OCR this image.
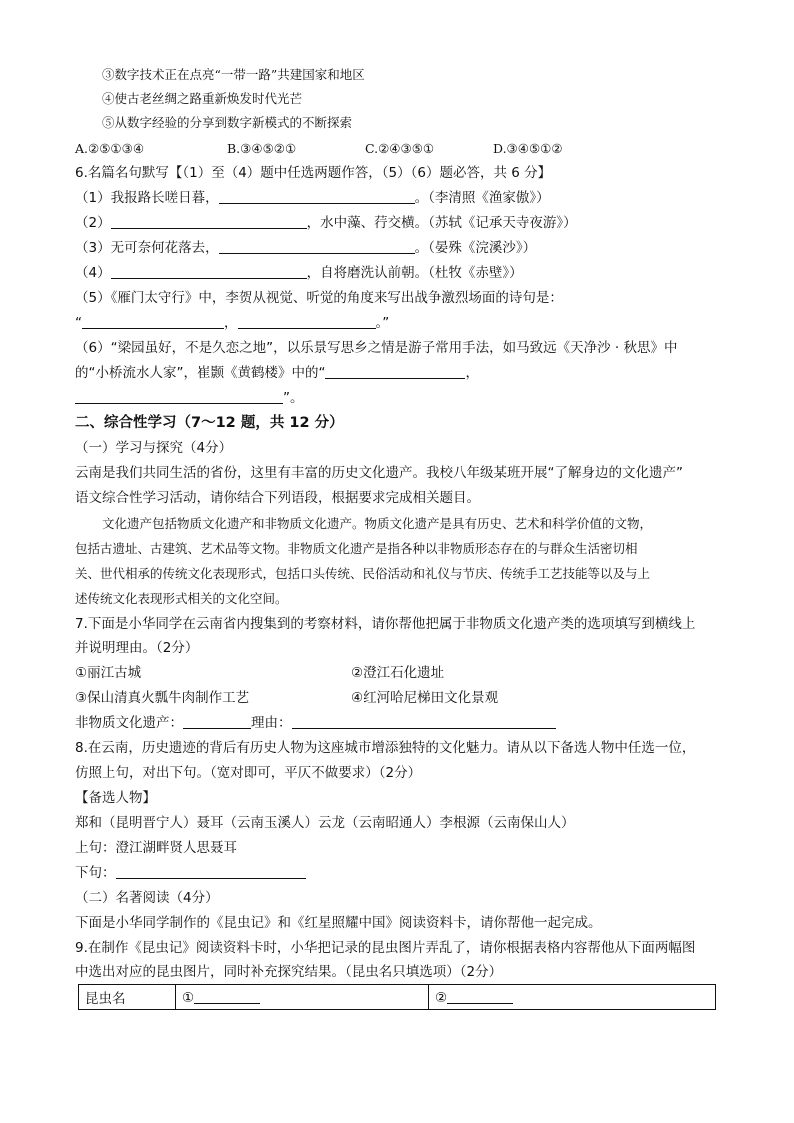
③数字技术正在点亮“一带一路”共建国家和地区
④使古老丝绸之路重新焕发时代光芒
⑤从数字经验的分享到数字新模式的不断探索
A.②⑤①③④	B.③④⑤②①	C.②④③⑤①	D.③④⑤①②
6.名篇名句默写【（1）至（4）题中任选两题作答，（5）（6）题必答，共 6 分】
（1）我报路长嗟日暮，	。（李清照《渔家傲》）
（2）	，水中藻、荇交横。（苏轼《记承天寺夜游》）
（3）无可奈何花落去，	。（晏殊《浣溪沙》）
（4）	，自将磨洗认前朝。（杜牧《赤壁》）
（5）《雁门太守行》中，李贺从视觉、听觉的角度来写出战争激烈场面的诗句是：
“	，	。”
（6）“梁园虽好，不是久恋之地”，以乐景写思乡之情是游子常用手法，如马致远《天净沙 · 秋思》中
的“小桥流水人家”，崔颢《黄鹤楼》中的“	，
”。
二、综合性学习（7～12 题，共 12 分）
（一）学习与探究（4分）
云南是我们共同生活的省份，这里有丰富的历史文化遗产。我校八年级某班开展“了解身边的文化遗产”
语文综合性学习活动，请你结合下列语段，根据要求完成相关题目。
文化遗产包括物质文化遗产和非物质文化遗产。物质文化遗产是具有历史、艺术和科学价值的文物，
包括古遗址、古建筑、艺术品等文物。非物质文化遗产是指各种以非物质形态存在的与群众生活密切相
关、世代相承的传统文化表现形式，包括口头传统、民俗活动和礼仪与节庆、传统手工艺技能等以及与上
述传统文化表现形式相关的文化空间。
7.下面是小华同学在云南省内搜集到的考察材料，请你帮他把属于非物质文化遗产类的选项填写到横线上
并说明理由。（2分）
①丽江古城	②澄江石化遗址
③保山清真火瓢牛肉制作工艺	④红河哈尼梯田文化景观
非物质文化遗产：	理由：
8.在云南，历史遗迹的背后有历史人物为这座城市增添独特的文化魅力。请从以下备选人物中任选一位，
仿照上句，对出下句。（宽对即可，平仄不做要求）（2分）
【备选人物】
郑和（昆明晋宁人）聂耳（云南玉溪人）云龙（云南昭通人）李根源（云南保山人）
上句：澄江湖畔贤人思聂耳
下句：
（二）名著阅读（4分）
下面是小华同学制作的《昆虫记》和《红星照耀中国》阅读资料卡，请你帮他一起完成。
9.在制作《昆虫记》阅读资料卡时，小华把记录的昆虫图片弄乱了，请你根据表格内容帮他从下面两幅图
中选出对应的昆虫图片，同时补充探究结果。（昆虫名只填选项）（2分）
昆虫名	①	②
